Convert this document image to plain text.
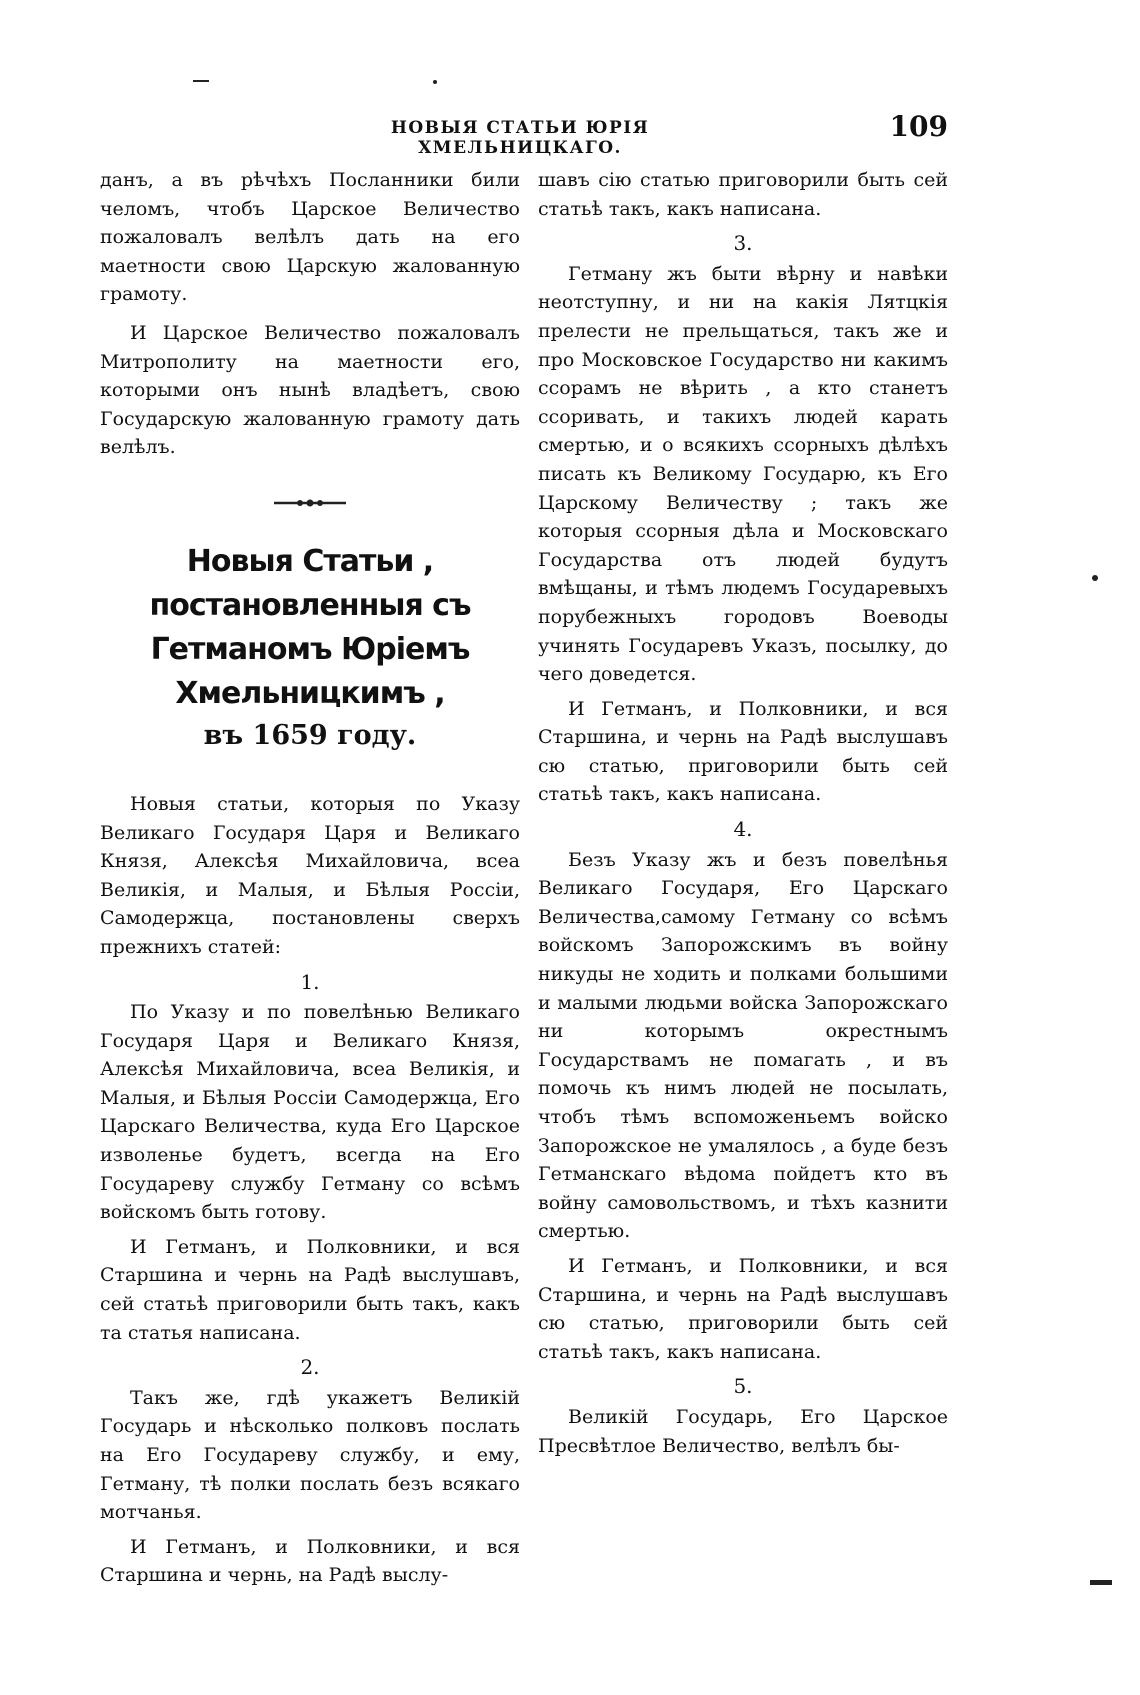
НОВЫЯ СТАТЬИ ЮРІЯ ХМЕЛЬНИЦКАГО.
109

данъ, а въ рѣчѣхъ Посланники били челомъ, чтобъ Царское Величество пожаловалъ велѣлъ дать на его маетности свою Царскую жалованную грамоту.

И Царское Величество пожаловалъ Митрополиту на маетности его, которыми онъ нынѣ владѣетъ, свою Государскую жалованную грамоту дать велѣлъ.

Новыя Статьи , постановленныя съ
Гетманомъ Юріемъ Хмельницкимъ ,
въ 1659 году.

Новыя статьи, которыя по Указу Великаго Государя Царя и Великаго Князя, Алексѣя Михайловича, всеа Великія, и Малыя, и Бѣлыя Россіи, Самодержца, постановлены сверхъ прежнихъ статей:

1.

По Указу и по повелѣнью Великаго Государя Царя и Великаго Князя, Алексѣя Михайловича, всеа Великія, и Малыя, и Бѣлыя Россіи Самодержца, Его Царскаго Величества, куда Его Царское изволенье будетъ, всегда на Его Государеву службу Гетману со всѣмъ войскомъ быть готову.

И Гетманъ, и Полковники, и вся Старшина и чернь на Радѣ выслушавъ, сей статьѣ приговорили быть такъ, какъ та статья написана.

2.

Такъ же, гдѣ укажетъ Великій Государь и нѣсколько полковъ послать на Его Государеву службу, и ему, Гетману, тѣ полки послать безъ всякаго мотчанья.

И Гетманъ, и Полковники, и вся Старшина и чернь, на Радѣ выслу-

шавъ сію статью приговорили быть сей статьѣ такъ, какъ написана.

3.

Гетману жъ быти вѣрну и навѣки неотступну, и ни на какія Лятцкія прелести не прельщаться, такъ же и про Московское Государство ни какимъ ссорамъ не вѣрить , а кто станетъ ссоривать, и такихъ людей карать смертью, и о всякихъ ссорныхъ дѣлѣхъ писать къ Великому Государю, къ Его Царскому Величеству ; такъ же которыя ссорныя дѣла и Московскаго Государства отъ людей будутъ вмѣщаны, и тѣмъ людемъ Государевыхъ порубежныхъ городовъ Воеводы учинять Государевъ Указъ, посылку, до чего доведется.

И Гетманъ, и Полковники, и вся Старшина, и чернь на Радѣ выслушавъ сю статью, приговорили быть сей статьѣ такъ, какъ написана.

4.

Безъ Указу жъ и безъ повелѣнья Великаго Государя, Его Царскаго Величества,самому Гетману со всѣмъ войскомъ Запорожскимъ въ войну никуды не ходить и полками большими и малыми людьми войска Запорожскаго ни которымъ окрестнымъ Государствамъ не помагать , и въ помочь къ нимъ людей не посылать, чтобъ тѣмъ вспоможеньемъ войско Запорожское не умалялось , а буде безъ Гетманскаго вѣдома пойдетъ кто въ войну самовольствомъ, и тѣхъ казнити смертью.

И Гетманъ, и Полковники, и вся Старшина, и чернь на Радѣ выслушавъ сю статью, приговорили быть сей статьѣ такъ, какъ написана.

5.

Великій Государь, Его Царское Пресвѣтлое Величество, велѣлъ бы-
